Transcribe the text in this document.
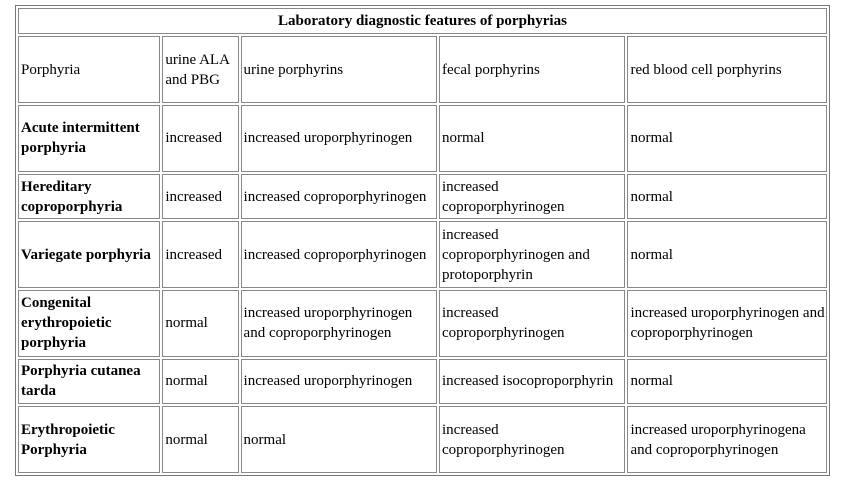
Laboratory diagnostic features of porphyrias				
Porphyria	urine ALA and PBG	urine porphyrins	fecal porphyrins	red blood cell porphyrins
Acute intermittent porphyria	increased	increased uroporphyrinogen	normal	normal
Hereditary coproporphyria	increased	increased coproporphyrinogen	increased coproporphyrinogen	normal
Variegate porphyria	increased	increased coproporphyrinogen	increased coproporphyrinogen and protoporphyrin	normal
Congenital erythropoietic porphyria	normal	increased uroporphyrinogen and coproporphyrinogen	increased coproporphyrinogen	increased uroporphyrinogen and coproporphyrinogen
Porphyria cutanea tarda	normal	increased uroporphyrinogen	increased isocoproporphyrin	normal
Erythropoietic Porphyria	normal	normal	increased coproporphyrinogen	increased uroporphyrinogena and coproporphyrinogen
